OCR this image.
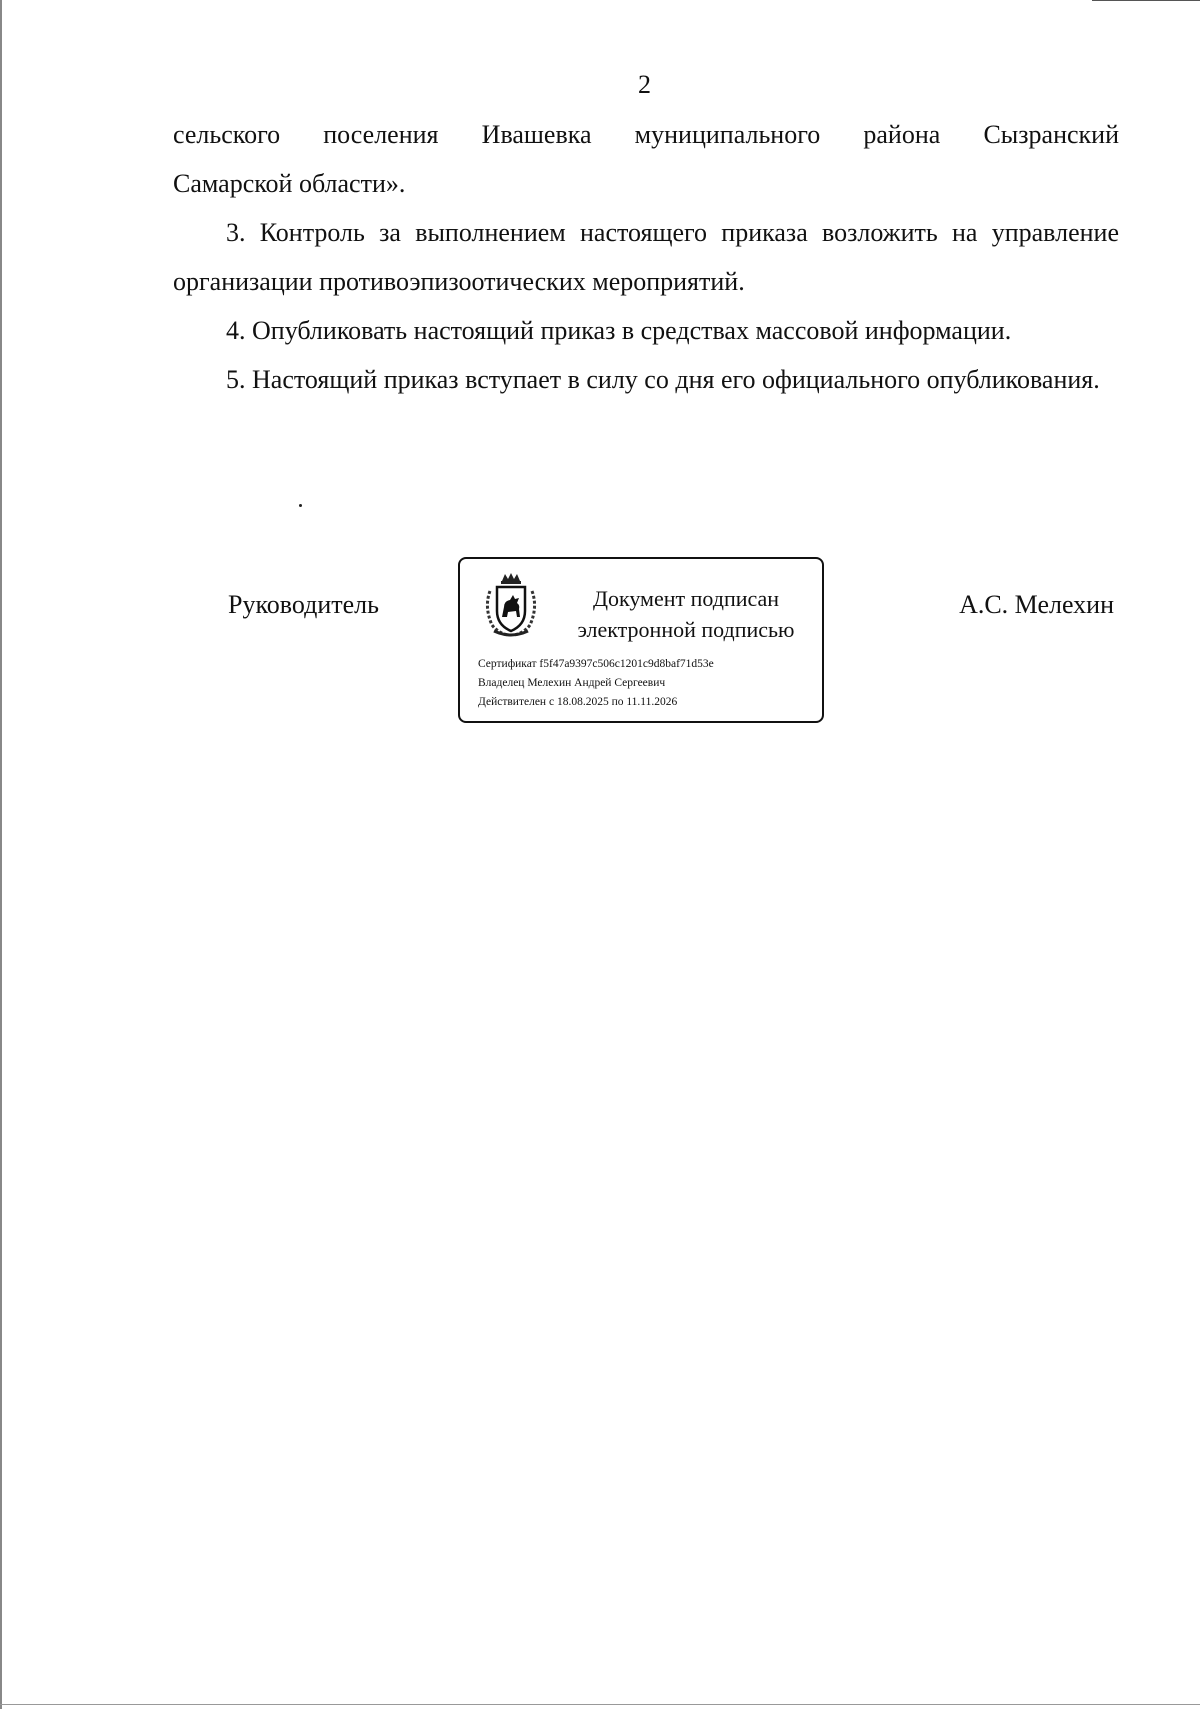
2

сельского поселения Ивашевка муниципального района Сызранский
Самарской области».

3. Контроль за выполнением настоящего приказа возложить на управление организации противоэпизоотических мероприятий.

4. Опубликовать настоящий приказ в средствах массовой информации.

5. Настоящий приказ вступает в силу со дня его официального опубликования.

Руководитель	Документ подписан
электронной подписью
Сертификат f5f47a9397c506c1201c9d8baf71d53e
Владелец Мелехин Андрей Сергеевич
Действителен с 18.08.2025 по 11.11.2026
А.С. Мелехин
